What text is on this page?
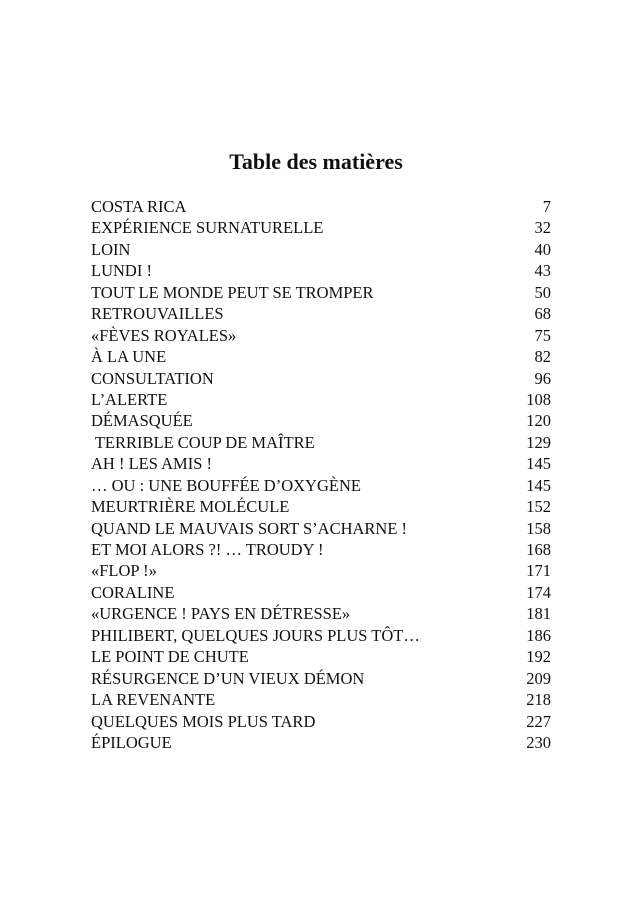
Table des matières
COSTA RICA	7
EXPÉRIENCE SURNATURELLE	32
LOIN	40
LUNDI !	43
TOUT LE MONDE PEUT SE TROMPER	50
RETROUVAILLES	68
«FÈVES ROYALES»	75
À LA UNE	82
CONSULTATION	96
L’ALERTE	108
DÉMASQUÉE	120
TERRIBLE COUP DE MAÎTRE	129
AH ! LES AMIS !	145
… OU : UNE BOUFFÉE D’OXYGÈNE	145
MEURTRIÈRE MOLÉCULE	152
QUAND LE MAUVAIS SORT S’ACHARNE !	158
ET MOI ALORS ?! … TROUDY !	168
«FLOP !»	171
CORALINE	174
«URGENCE ! PAYS EN DÉTRESSE»	181
PHILIBERT, QUELQUES JOURS PLUS TÔT…	186
LE POINT DE CHUTE	192
RÉSURGENCE D’UN VIEUX DÉMON	209
LA REVENANTE	218
QUELQUES MOIS PLUS TARD	227
ÉPILOGUE	230
